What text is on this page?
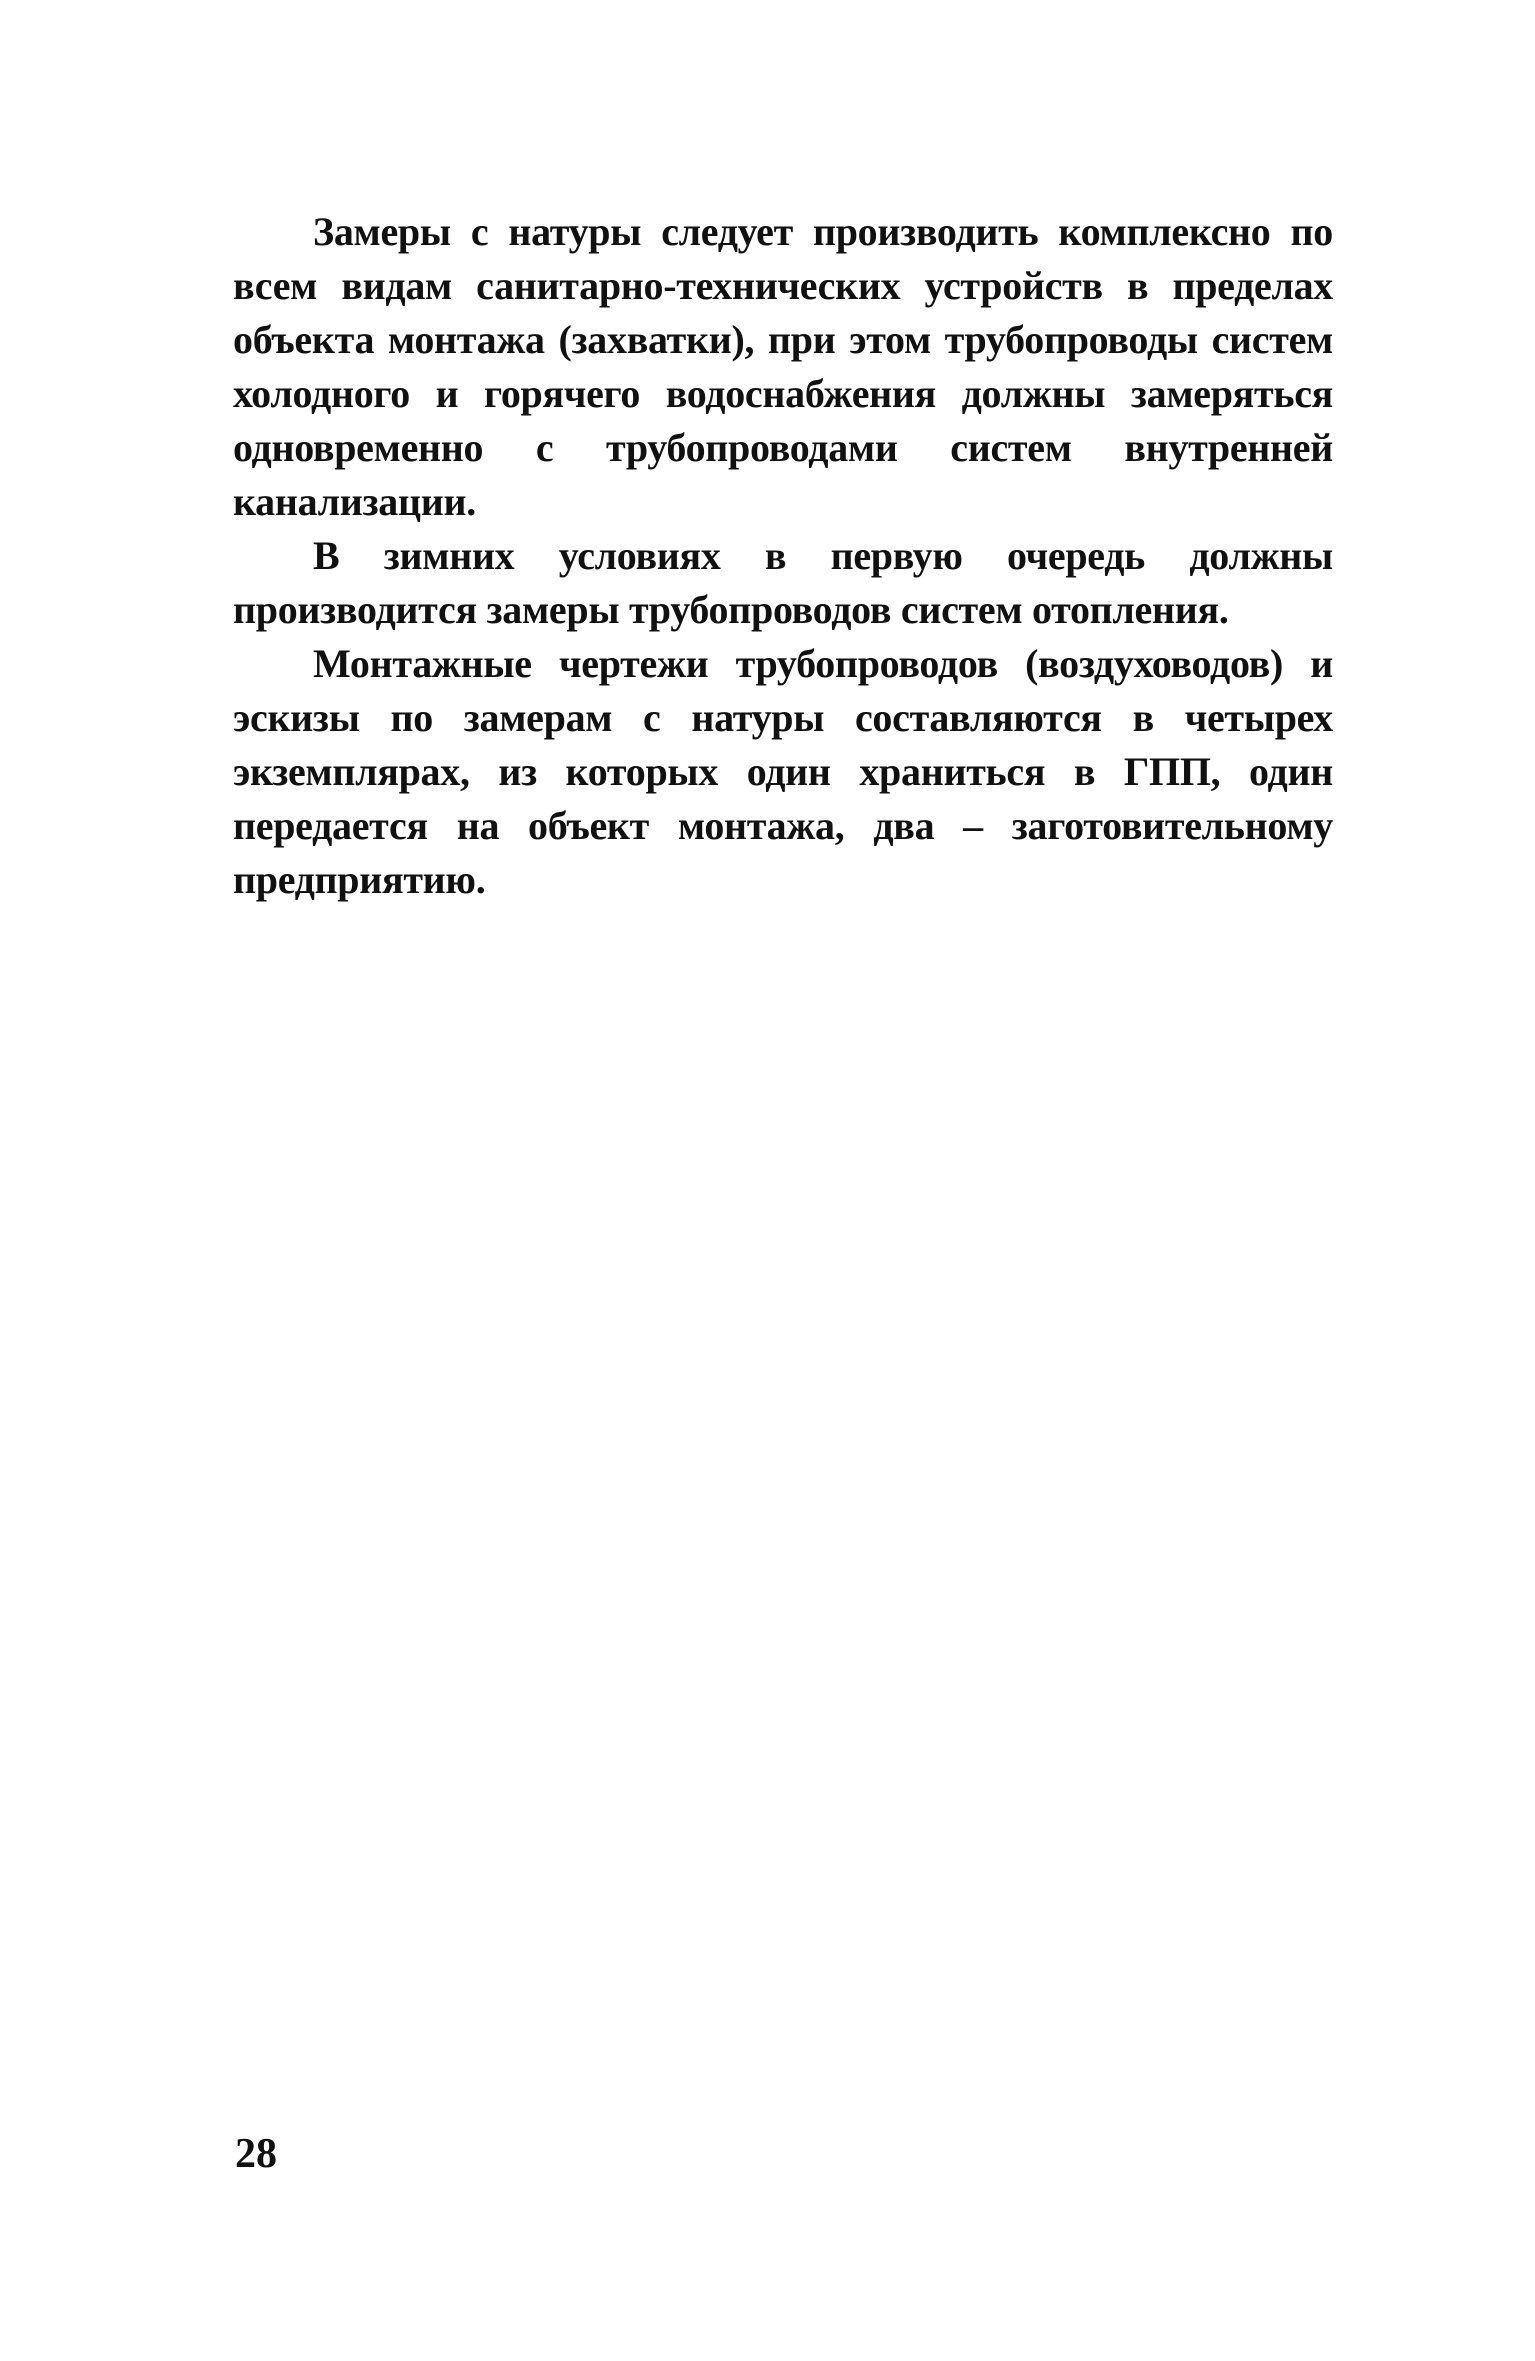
Замеры с натуры следует производить комплексно по всем видам санитарно-технических устройств в пределах объекта монтажа (захватки), при этом трубопроводы систем холодного и горячего водоснабжения должны замеряться одновременно с трубопроводами систем внутренней канализации.

В зимних условиях в первую очередь должны производится замеры трубопроводов систем отопления.

Монтажные чертежи трубопроводов (воздуховодов) и эскизы по замерам с натуры составляются в четырех экземплярах, из которых один храниться в ГПП, один передается на объект монтажа, два – заготовительному предприятию.

28
